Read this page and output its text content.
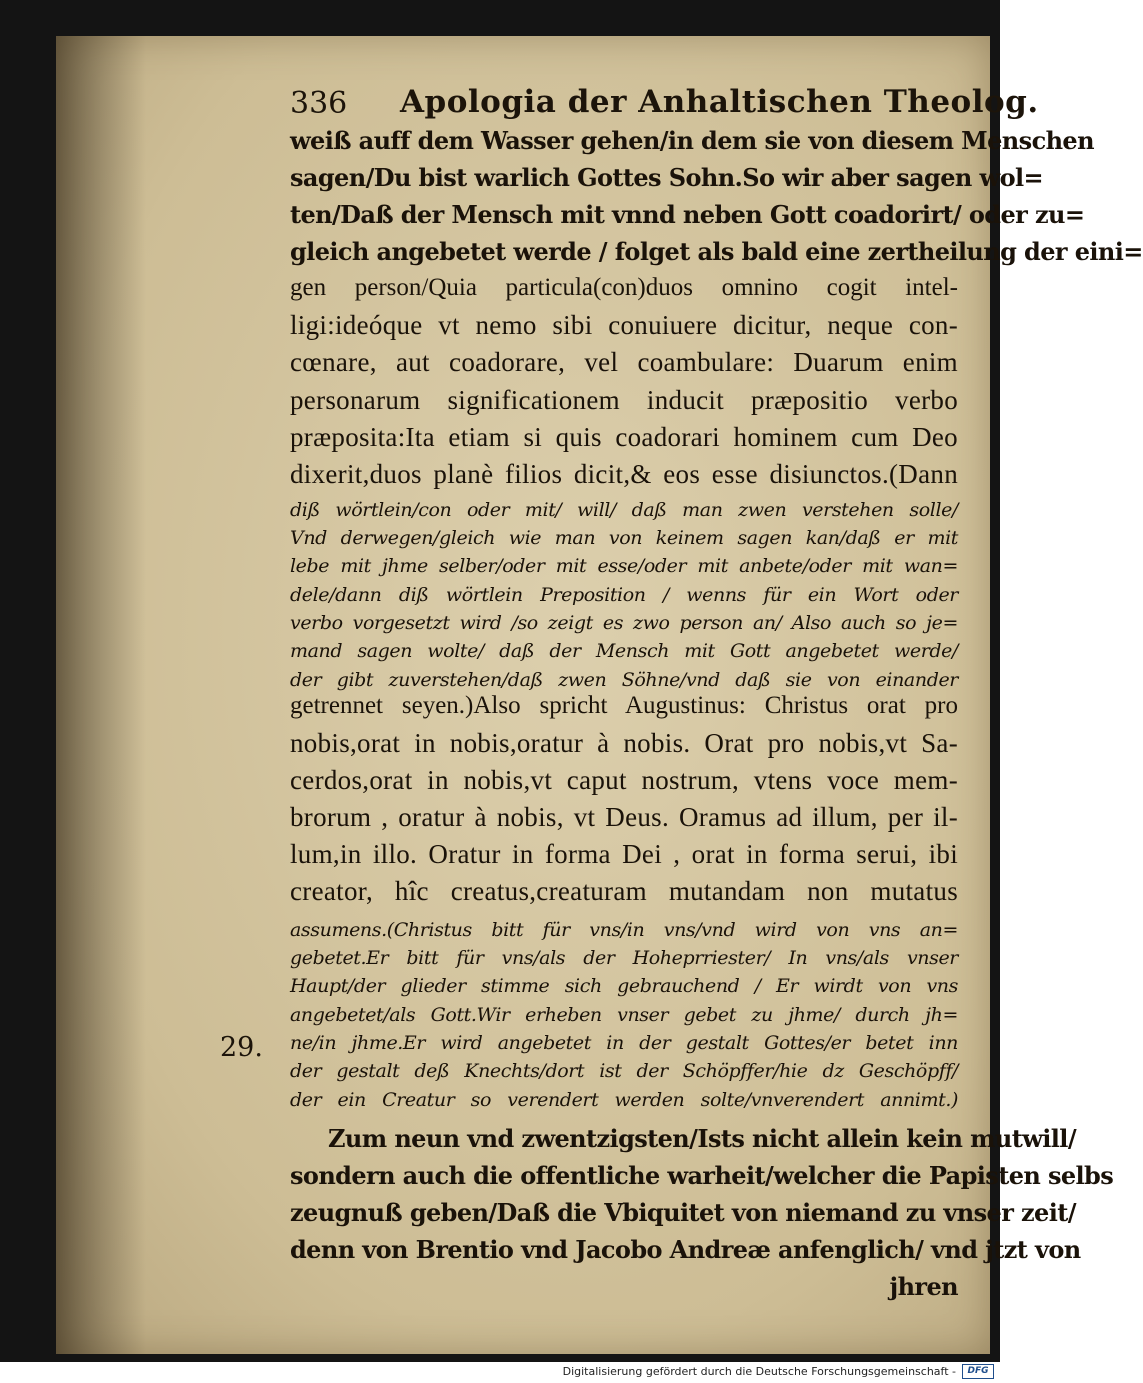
336 Apologia der Anhaltischen Theolog.
29.
weiß auff dem Wasser gehen/in dem sie von diesem Menschen
sagen/Du bist warlich Gottes Sohn.So wir aber sagen wol=
ten/Daß der Mensch mit vnnd neben Gott coadorirt/ oder zu=
gleich angebetet werde / folget als bald eine zertheilung der eini=
gen person/Quia particula(con)duos omnino cogit intel-
ligi:ideóque vt nemo sibi conuiuere dicitur, neque con-
cœnare, aut coadorare, vel coambulare: Duarum enim
personarum significationem inducit præpositio verbo
præposita:Ita etiam si quis coadorari hominem cum Deo
dixerit,duos planè filios dicit,& eos esse disiunctos.(Dann
diß wörtlein/con oder mit/ will/ daß man zwen verstehen solle/
Vnd derwegen/gleich wie man von keinem sagen kan/daß er mit
lebe mit jhme selber/oder mit esse/oder mit anbete/oder mit wan=
dele/dann diß wörtlein Preposition / wenns für ein Wort oder
verbo vorgesetzt wird /so zeigt es zwo person an/ Also auch so je=
mand sagen wolte/ daß der Mensch mit Gott angebetet werde/
der gibt zuverstehen/daß zwen Söhne/vnd daß sie von einander
getrennet seyen.)Also spricht Augustinus: Christus orat pro
nobis,orat in nobis,oratur à nobis. Orat pro nobis,vt Sa-
cerdos,orat in nobis,vt caput nostrum, vtens voce mem-
brorum , oratur à nobis, vt Deus. Oramus ad illum, per il-
lum,in illo. Oratur in forma Dei , orat in forma serui, ibi
creator, hîc creatus,creaturam mutandam non mutatus
assumens.(Christus bitt für vns/in vns/vnd wird von vns an=
gebetet.Er bitt für vns/als der Hoheprriester/ In vns/als vnser
Haupt/der glieder stimme sich gebrauchend / Er wirdt von vns
angebetet/als Gott.Wir erheben vnser gebet zu jhme/ durch jh=
ne/in jhme.Er wird angebetet in der gestalt Gottes/er betet inn
der gestalt deß Knechts/dort ist der Schöpffer/hie dz Geschöpff/
der ein Creatur so verendert werden solte/vnverendert annimt.)
Zum neun vnd zwentzigsten/Ists nicht allein kein mutwill/
sondern auch die offentliche warheit/welcher die Papisten selbs
zeugnuß geben/Daß die Vbiquitet von niemand zu vnser zeit/
denn von Brentio vnd Jacobo Andreæ anfenglich/ vnd jtzt von
jhren
Digitalisierung gefördert durch die Deutsche Forschungsgemeinschaft -	DFG
